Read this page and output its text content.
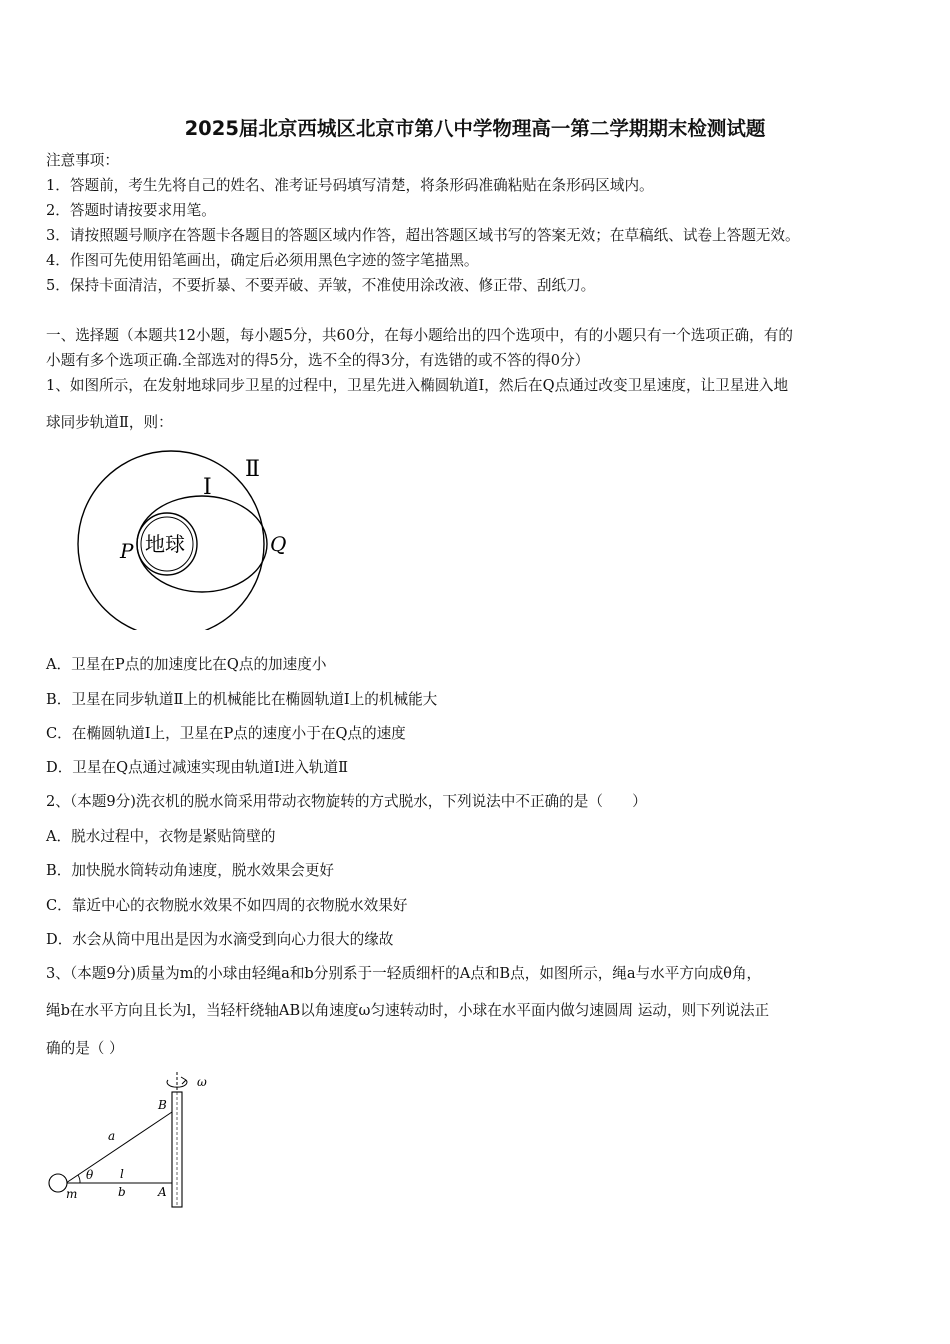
2025届北京西城区北京市第八中学物理高一第二学期期末检测试题
注意事项：
1．答题前，考生先将自己的姓名、准考证号码填写清楚，将条形码准确粘贴在条形码区域内。
2．答题时请按要求用笔。
3．请按照题号顺序在答题卡各题目的答题区域内作答，超出答题区域书写的答案无效；在草稿纸、试卷上答题无效。
4．作图可先使用铅笔画出，确定后必须用黑色字迹的签字笔描黑。
5．保持卡面清洁，不要折暴、不要弄破、弄皱，不准使用涂改液、修正带、刮纸刀。
一、选择题（本题共12小题，每小题5分，共60分，在每小题给出的四个选项中，有的小题只有一个选项正确，有的
小题有多个选项正确.全部选对的得5分，选不全的得3分，有选错的或不答的得0分）
1、如图所示，在发射地球同步卫星的过程中，卫星先进入椭圆轨道Ⅰ，然后在Q点通过改变卫星速度，让卫星进入地
球同步轨道Ⅱ，则：
地球
Ⅰ
Ⅱ
P	Q
A．卫星在P点的加速度比在Q点的加速度小
B．卫星在同步轨道Ⅱ上的机械能比在椭圆轨道Ⅰ上的机械能大
C．在椭圆轨道Ⅰ上，卫星在P点的速度小于在Q点的速度
D．卫星在Q点通过减速实现由轨道Ⅰ进入轨道Ⅱ
2、（本题9分)洗衣机的脱水筒采用带动衣物旋转的方式脱水，下列说法中不正确的是（　　）
A．脱水过程中，衣物是紧贴筒壁的
B．加快脱水筒转动角速度，脱水效果会更好
C．靠近中心的衣物脱水效果不如四周的衣物脱水效果好
D．水会从筒中甩出是因为水滴受到向心力很大的缘故
3、（本题9分)质量为m的小球由轻绳a和b分别系于一轻质细杆的A点和B点，如图所示，绳a与水平方向成θ角，
绳b在水平方向且长为l，当轻杆绕轴AB以角速度ω匀速转动时，小球在水平面内做匀速圆周 运动，则下列说法正
确的是（ ）
ω
B
A
a
θ l
b
m
